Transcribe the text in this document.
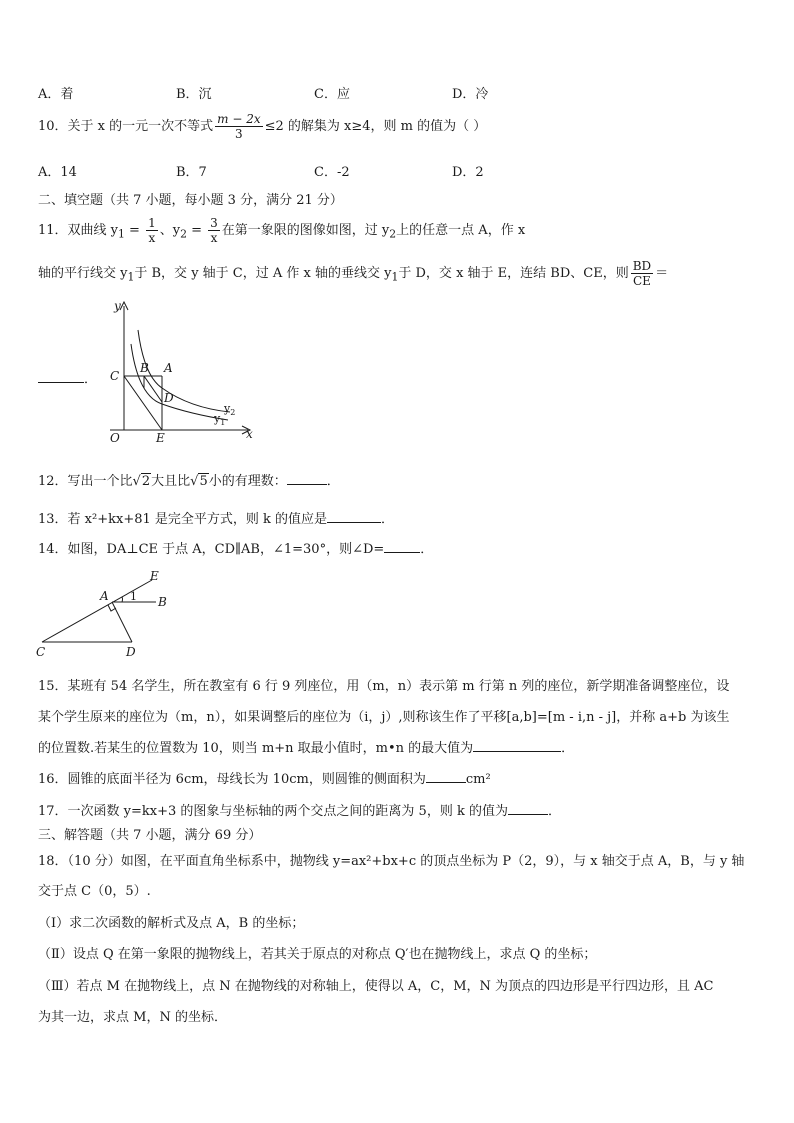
A．着	B．沉	C．应	D．冷
10．关于 x 的一元一次不等式 $\frac{m - 2x}{3} \le 2$ 的解集为 x≥4，则 m 的值为（ ）
A．14	B．7	C．-2	D．2
二、填空题（共 7 小题，每小题 3 分，满分 21 分）
11．双曲线 $y_1 = \frac{1}{x}$ 、$y_2 = \frac{3}{x}$ 在第一象限的图像如图，过 $y_2$上的任意一点 A，作 x
轴的平行线交 $y_1$于 B，交 y 轴于 C，过 A 作 x 轴的垂线交 $y_1$于 D，交 x 轴于 E，连结 BD、CE，则 $\frac{BD}{CE}$ ＝
．
y
x
O
C
B A
D
E
$y_2$
$y_1$
12．写出一个比√2大且比√5小的有理数：	．
13．若 x²+kx+81 是完全平方式，则 k 的值应是	．
14．如图，DA⊥CE 于点 A，CD∥AB，∠1=30°，则∠D=	．
E
A 1 B
C	D
15．某班有 54 名学生，所在教室有 6 行 9 列座位，用（m，n）表示第 m 行第 n 列的座位，新学期准备调整座位，设
某个学生原来的座位为（m，n），如果调整后的座位为（i，j）,则称该生作了平移[a,b]=[m - i,n - j]，并称 a+b 为该生
的位置数.若某生的位置数为 10，则当 m+n 取最小值时，m•n 的最大值为	．
16．圆锥的底面半径为 6cm，母线长为 10cm，则圆锥的侧面积为	cm²
17．一次函数 y=kx+3 的图象与坐标轴的两个交点之间的距离为 5，则 k 的值为	．
三、解答题（共 7 小题，满分 69 分）
18．（10 分）如图，在平面直角坐标系中，抛物线 y=ax²+bx+c 的顶点坐标为 P（2，9），与 x 轴交于点 A，B，与 y 轴
交于点 C（0，5）.
（Ⅰ）求二次函数的解析式及点 A，B 的坐标；
（Ⅱ）设点 Q 在第一象限的抛物线上，若其关于原点的对称点 Q′也在抛物线上，求点 Q 的坐标；
（Ⅲ）若点 M 在抛物线上，点 N 在抛物线的对称轴上，使得以 A，C，M，N 为顶点的四边形是平行四边形，且 AC
为其一边，求点 M，N 的坐标．
